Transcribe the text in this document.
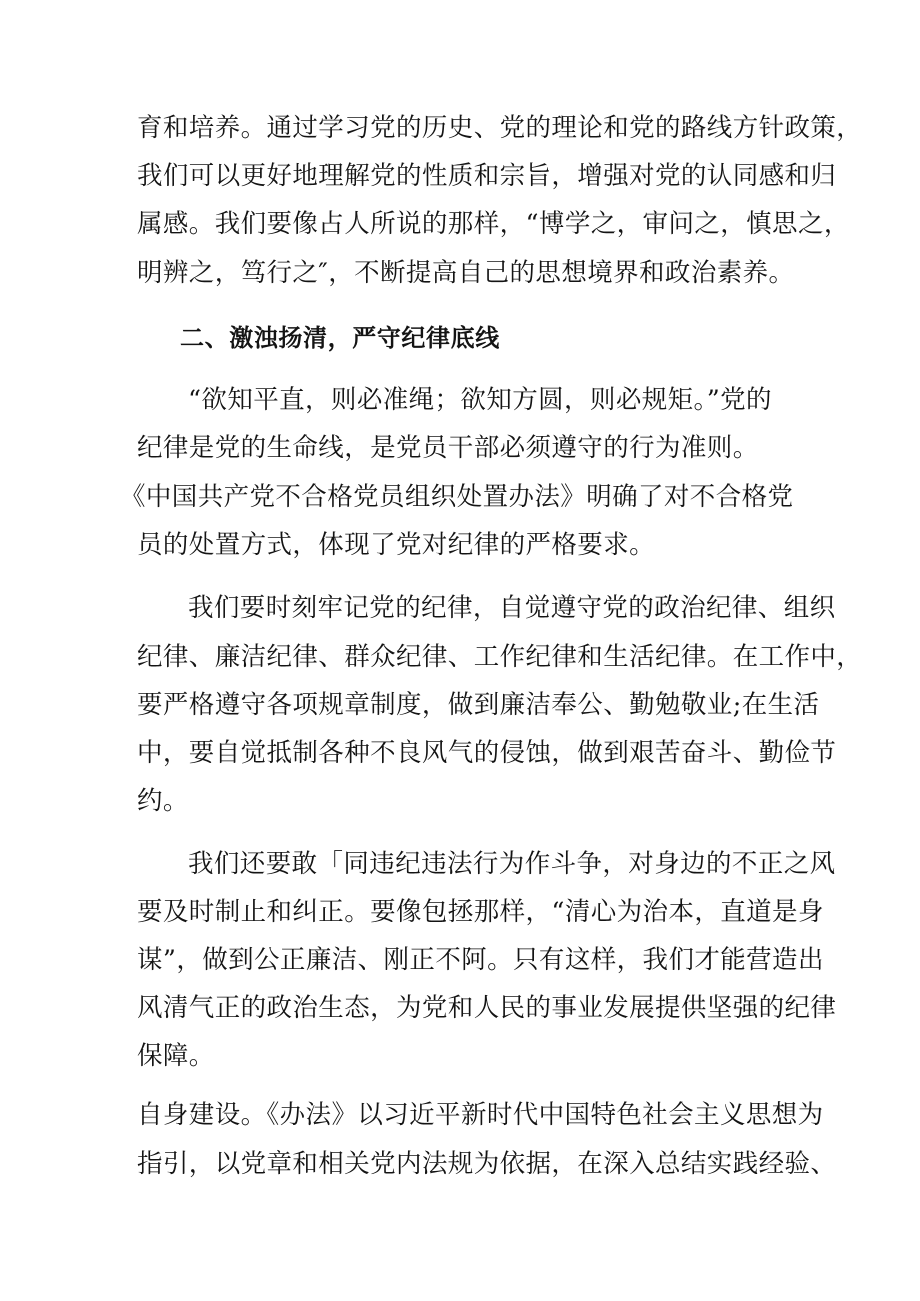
育和培养。通过学习党的历史、党的理论和党的路线方针政策，
我们可以更好地理解党的性质和宗旨，增强对党的认同感和归
属感。我们要像占人所说的那样，“博学之，审问之，慎思之，
明辨之，笃行之″，不断提高自己的思想境界和政治素养。
二、激浊扬清，严守纪律底线
“欲知平直，则必准绳；欲知方圆，则必规矩。”党的
纪律是党的生命线，是党员干部必须遵守的行为准则。
《中国共产党不合格党员组织处置办法》明确了对不合格党
员的处置方式，体现了党对纪律的严格要求。
我们要时刻牢记党的纪律，自觉遵守党的政治纪律、组织
纪律、廉洁纪律、群众纪律、工作纪律和生活纪律。在工作中，
要严格遵守各项规章制度，做到廉洁奉公、勤勉敬业;在生活
中，要自觉抵制各种不良风气的侵蚀，做到艰苦奋斗、勤俭节
约。
我们还要敢「同违纪违法行为作斗争，对身边的不正之风
要及时制止和纠正。要像包拯那样，“清心为治本，直道是身
谋”，做到公正廉洁、刚正不阿。只有这样，我们才能营造出
风清气正的政治生态，为党和人民的事业发展提供坚强的纪律
保障。
自身建设。《办法》以习近平新时代中国特色社会主义思想为
指引，以党章和相关党内法规为依据，在深入总结实践经验、
